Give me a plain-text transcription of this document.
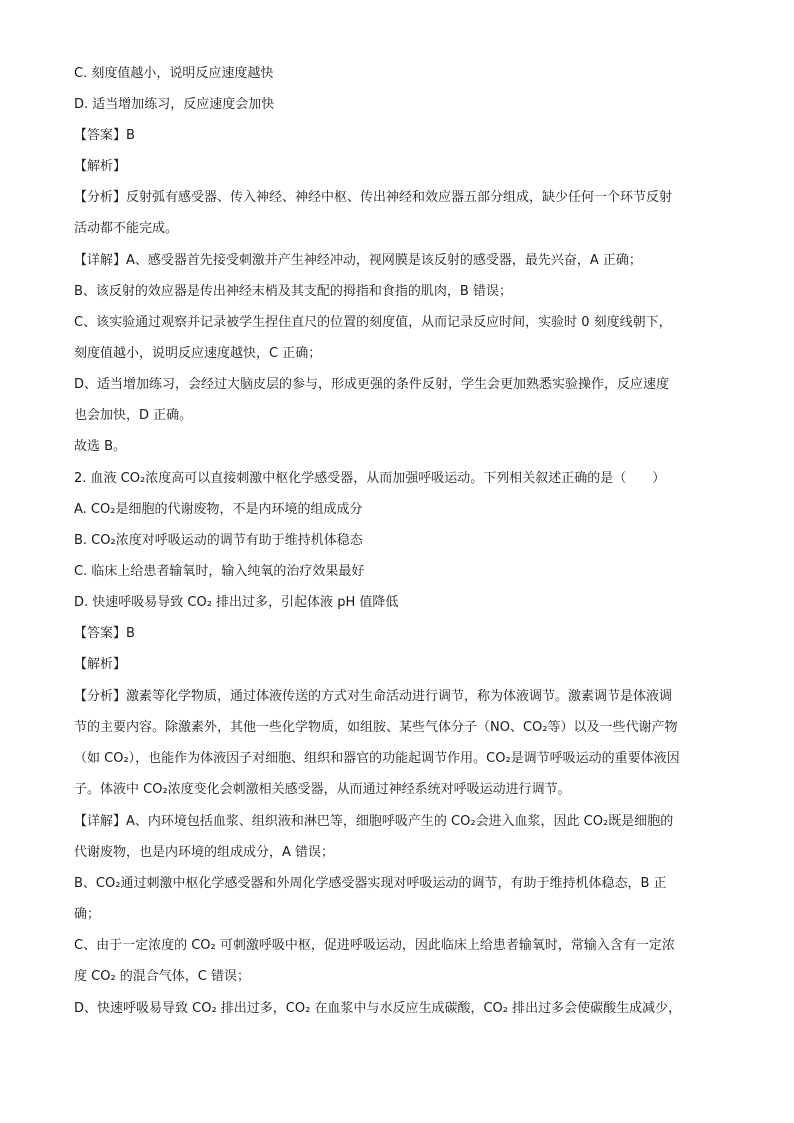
C. 刻度值越小，说明反应速度越快
D. 适当增加练习，反应速度会加快
【答案】B
【解析】
【分析】反射弧有感受器、传入神经、神经中枢、传出神经和效应器五部分组成，缺少任何一个环节反射
活动都不能完成。
【详解】A、感受器首先接受刺激并产生神经冲动，视网膜是该反射的感受器，最先兴奋，A 正确；
B、该反射的效应器是传出神经末梢及其支配的拇指和食指的肌肉，B 错误；
C、该实验通过观察并记录被学生捏住直尺的位置的刻度值，从而记录反应时间，实验时 0 刻度线朝下，
刻度值越小，说明反应速度越快，C 正确；
D、适当增加练习，会经过大脑皮层的参与，形成更强的条件反射，学生会更加熟悉实验操作，反应速度
也会加快，D 正确。
故选 B。
2. 血液 CO₂浓度高可以直接刺激中枢化学感受器，从而加强呼吸运动。下列相关叙述正确的是（　　）
A. CO₂是细胞的代谢废物，不是内环境的组成成分
B. CO₂浓度对呼吸运动的调节有助于维持机体稳态
C. 临床上给患者输氧时，输入纯氧的治疗效果最好
D. 快速呼吸易导致 CO₂ 排出过多，引起体液 pH 值降低
【答案】B
【解析】
【分析】激素等化学物质，通过体液传送的方式对生命活动进行调节，称为体液调节。激素调节是体液调
节的主要内容。除激素外，其他一些化学物质，如组胺、某些气体分子（NO、CO₂等）以及一些代谢产物
（如 CO₂），也能作为体液因子对细胞、组织和器官的功能起调节作用。CO₂是调节呼吸运动的重要体液因
子。体液中 CO₂浓度变化会刺激相关感受器，从而通过神经系统对呼吸运动进行调节。
【详解】A、内环境包括血浆、组织液和淋巴等，细胞呼吸产生的 CO₂会进入血浆，因此 CO₂既是细胞的
代谢废物，也是内环境的组成成分，A 错误；
B、CO₂通过刺激中枢化学感受器和外周化学感受器实现对呼吸运动的调节，有助于维持机体稳态，B 正
确；
C、由于一定浓度的 CO₂ 可刺激呼吸中枢，促进呼吸运动，因此临床上给患者输氧时，常输入含有一定浓
度 CO₂ 的混合气体，C 错误；
D、快速呼吸易导致 CO₂ 排出过多，CO₂ 在血浆中与水反应生成碳酸，CO₂ 排出过多会使碳酸生成减少，
